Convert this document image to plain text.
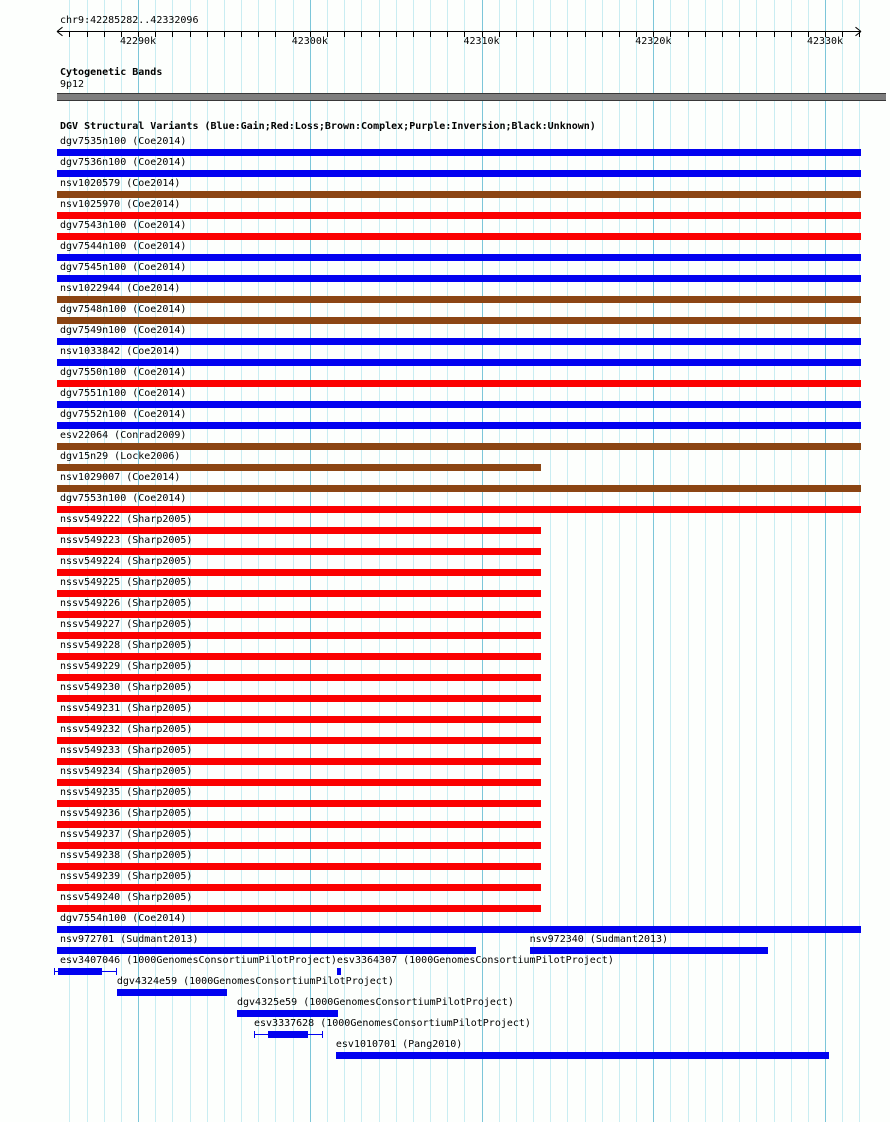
chr9:42285282..42332096
42290k	42300k	42310k	42320k	42330k
Cytogenetic Bands
9p12
DGV Structural Variants (Blue:Gain;Red:Loss;Brown:Complex;Purple:Inversion;Black:Unknown)
dgv7535n100 (Coe2014)
dgv7536n100 (Coe2014)
nsv1020579 (Coe2014)
nsv1025970 (Coe2014)
dgv7543n100 (Coe2014)
dgv7544n100 (Coe2014)
dgv7545n100 (Coe2014)
nsv1022944 (Coe2014)
dgv7548n100 (Coe2014)
dgv7549n100 (Coe2014)
nsv1033842 (Coe2014)
dgv7550n100 (Coe2014)
dgv7551n100 (Coe2014)
dgv7552n100 (Coe2014)
esv22064 (Conrad2009)
dgv15n29 (Locke2006)
nsv1029007 (Coe2014)
dgv7553n100 (Coe2014)
nssv549222 (Sharp2005)
nssv549223 (Sharp2005)
nssv549224 (Sharp2005)
nssv549225 (Sharp2005)
nssv549226 (Sharp2005)
nssv549227 (Sharp2005)
nssv549228 (Sharp2005)
nssv549229 (Sharp2005)
nssv549230 (Sharp2005)
nssv549231 (Sharp2005)
nssv549232 (Sharp2005)
nssv549233 (Sharp2005)
nssv549234 (Sharp2005)
nssv549235 (Sharp2005)
nssv549236 (Sharp2005)
nssv549237 (Sharp2005)
nssv549238 (Sharp2005)
nssv549239 (Sharp2005)
nssv549240 (Sharp2005)
dgv7554n100 (Coe2014)
nsv972701 (Sudmant2013)	nsv972340 (Sudmant2013)
esv3407046 (1000GenomesConsortiumPilotProject) esv3364307 (1000GenomesConsortiumPilotProject)
dgv4324e59 (1000GenomesConsortiumPilotProject)
dgv4325e59 (1000GenomesConsortiumPilotProject)
esv3337628 (1000GenomesConsortiumPilotProject)
esv1010701 (Pang2010)
